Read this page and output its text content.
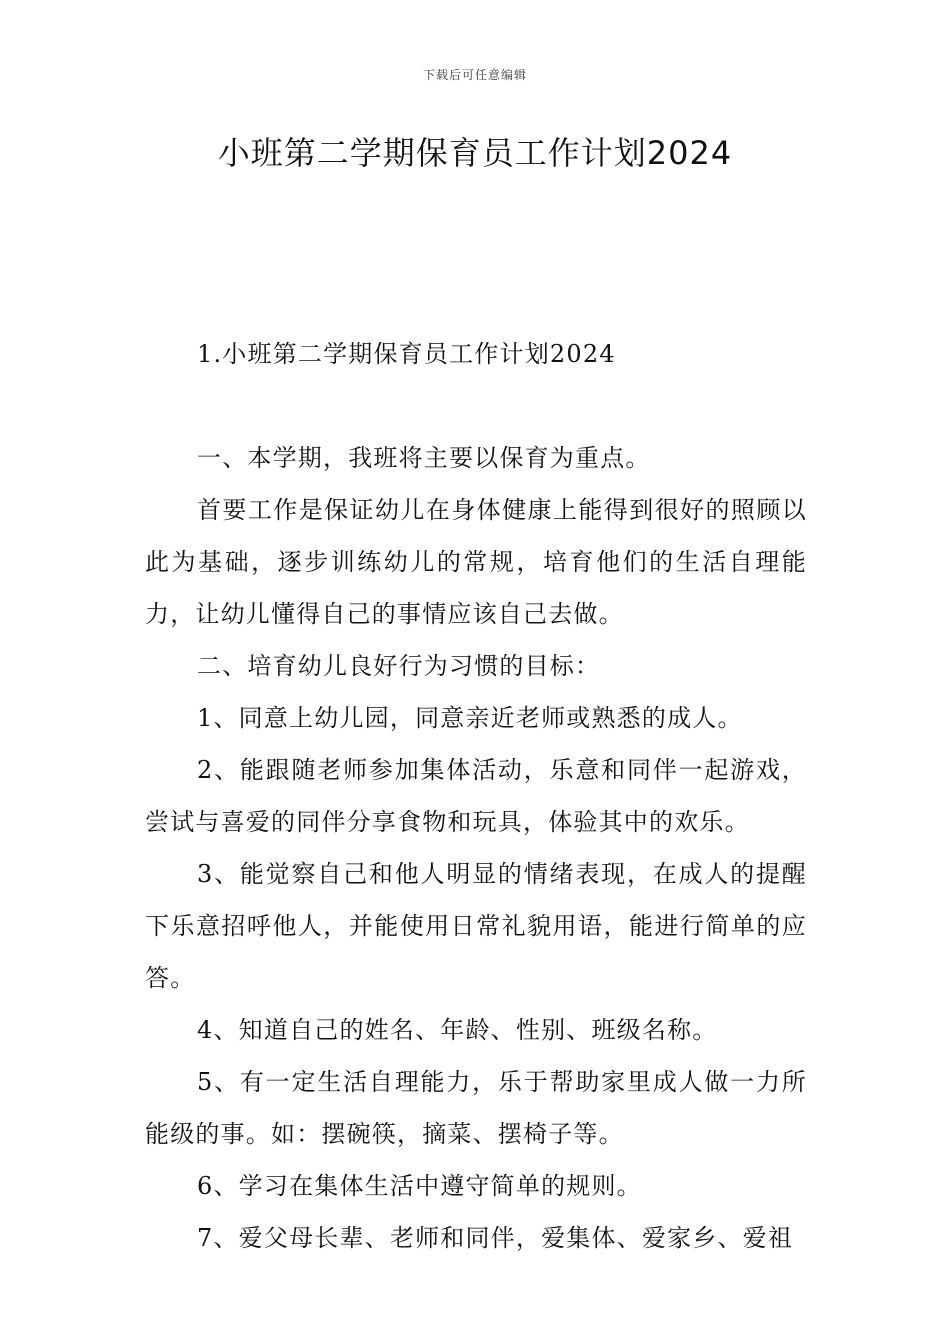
下载后可任意编辑
小班第二学期保育员工作计划2024

1.小班第二学期保育员工作计划2024

一、本学期，我班将主要以保育为重点。

首要工作是保证幼儿在身体健康上能得到很好的照顾以此为基础，逐步训练幼儿的常规，培育他们的生活自理能力，让幼儿懂得自己的事情应该自己去做。

二、培育幼儿良好行为习惯的目标：

1、同意上幼儿园，同意亲近老师或熟悉的成人。

2、能跟随老师参加集体活动，乐意和同伴一起游戏，尝试与喜爱的同伴分享食物和玩具，体验其中的欢乐。

3、能觉察自己和他人明显的情绪表现，在成人的提醒下乐意招呼他人，并能使用日常礼貌用语，能进行简单的应答。

4、知道自己的姓名、年龄、性别、班级名称。

5、有一定生活自理能力，乐于帮助家里成人做一力所能级的事。如：摆碗筷，摘菜、摆椅子等。

6、学习在集体生活中遵守简单的规则。

7、爱父母长辈、老师和同伴，爱集体、爱家乡、爱祖
